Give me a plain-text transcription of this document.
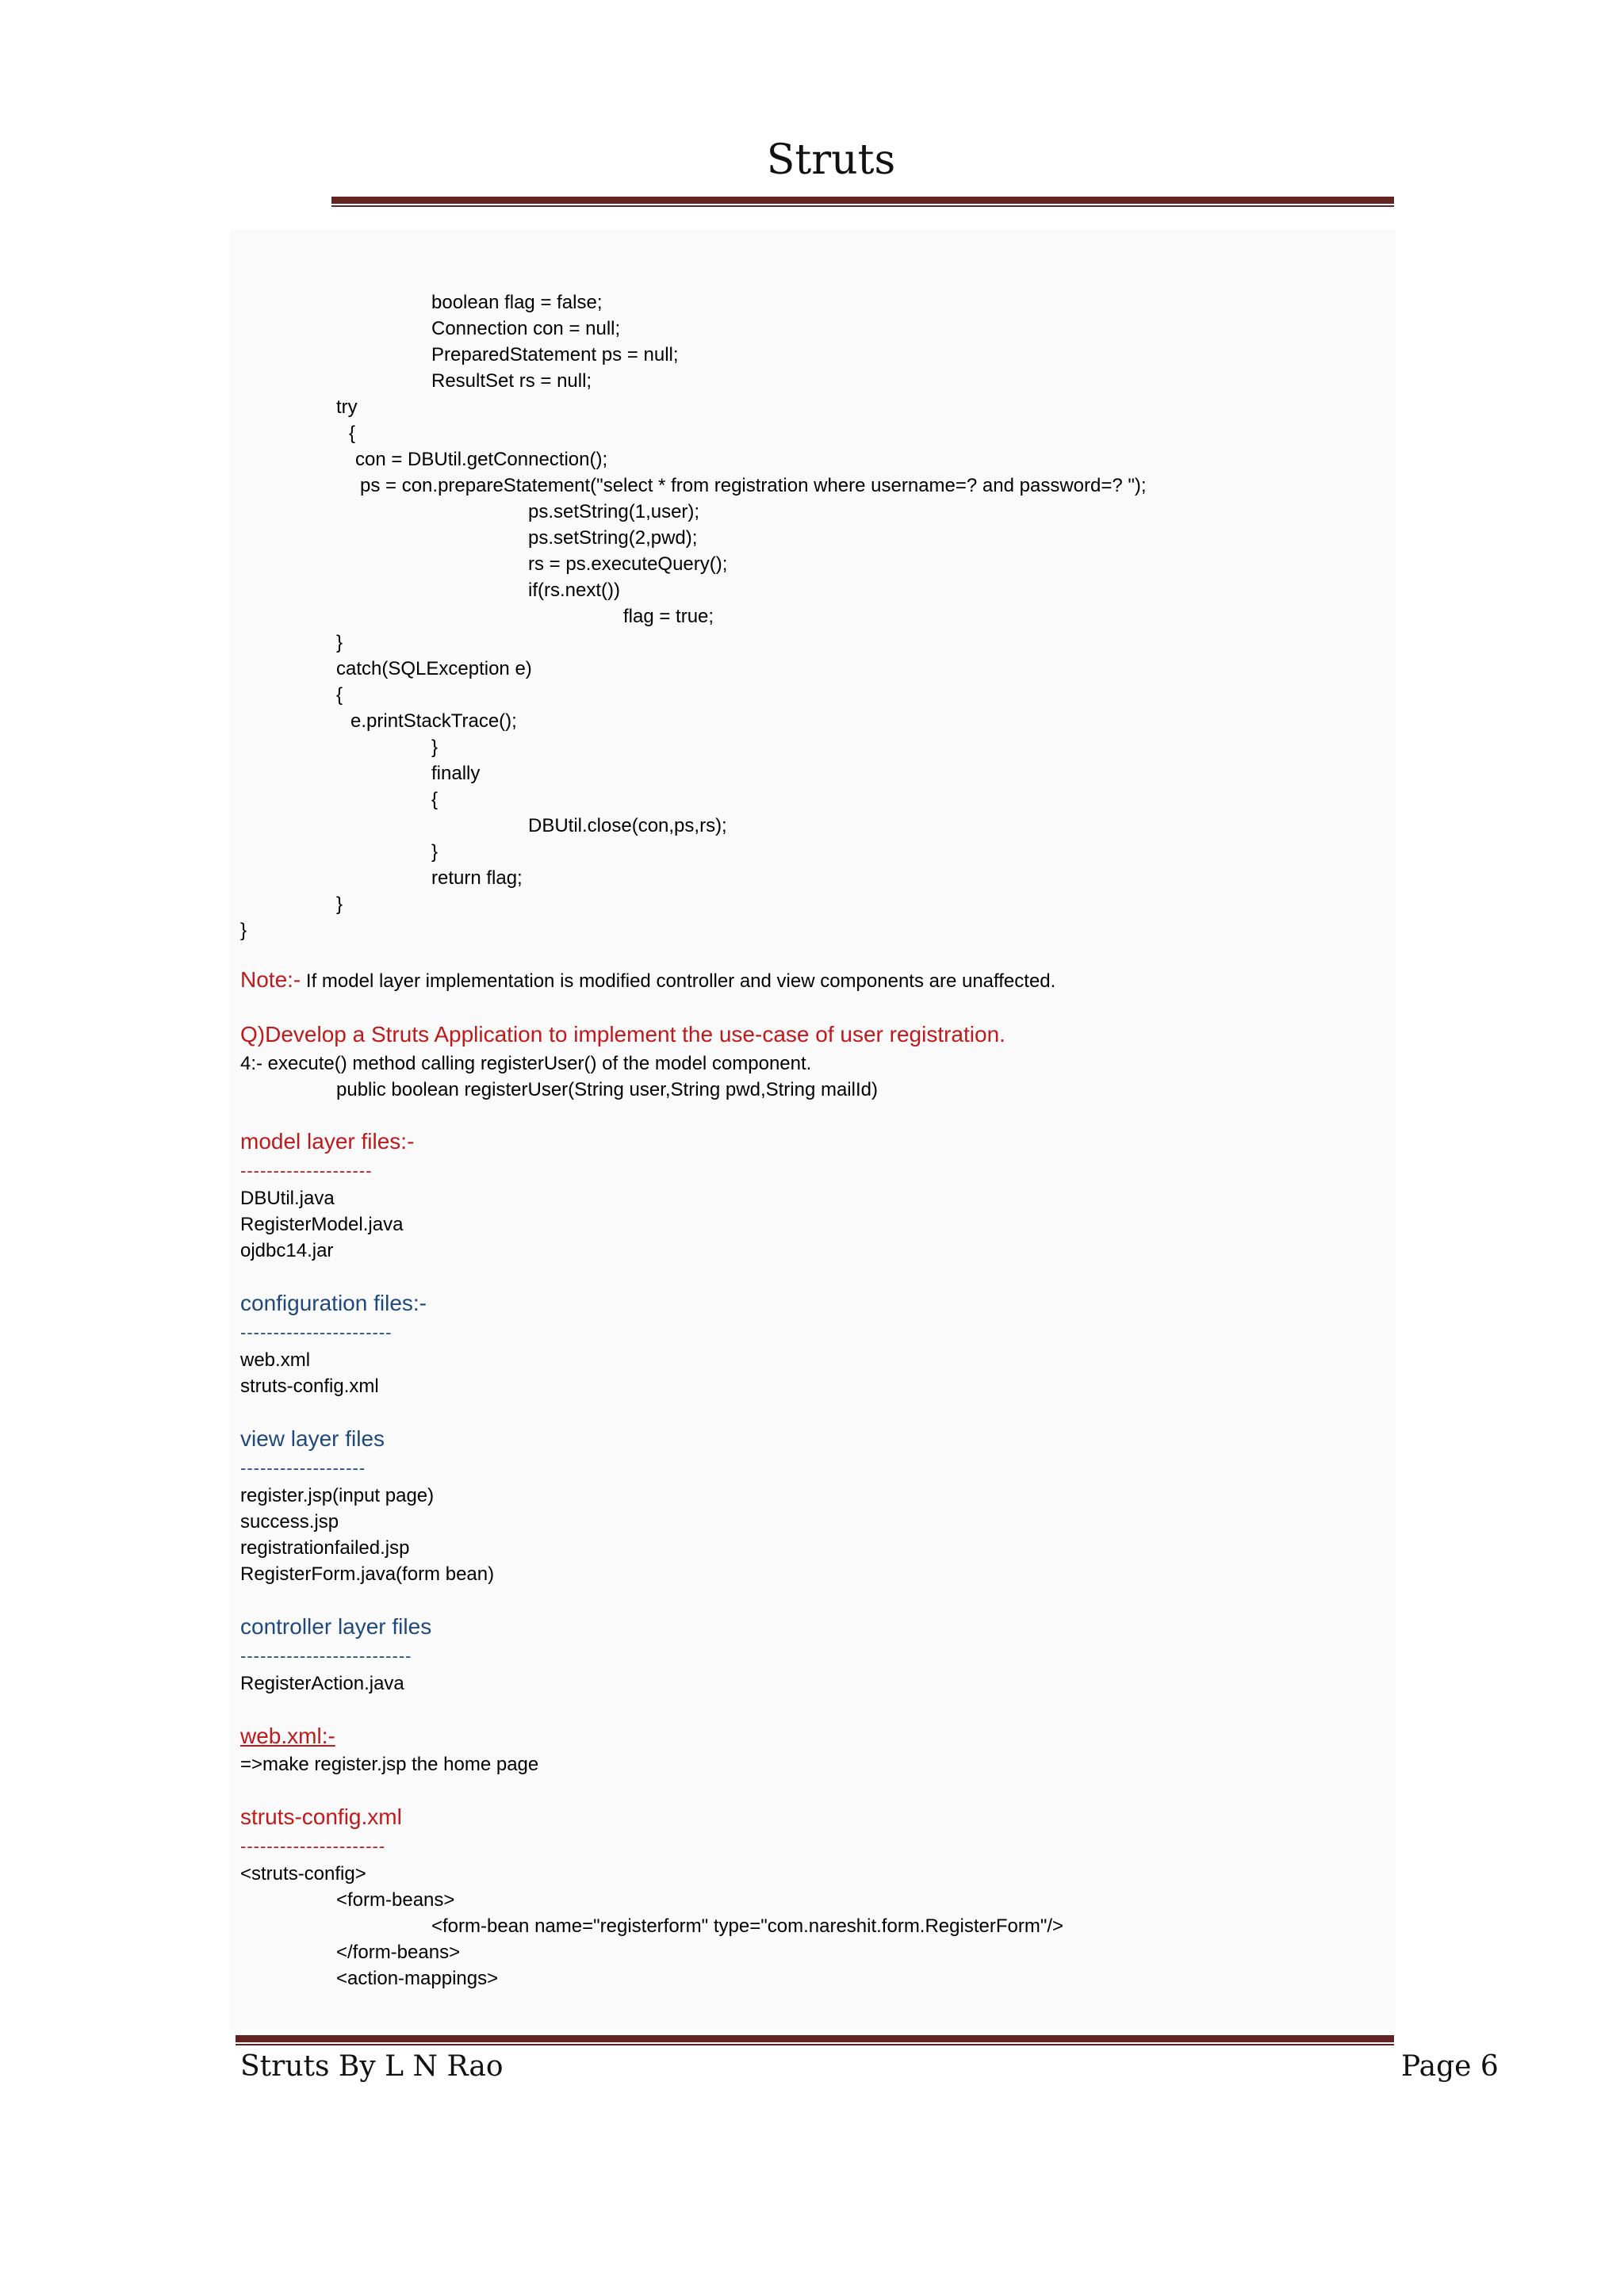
Struts
boolean flag = false;
Connection con = null;
PreparedStatement ps = null;
ResultSet rs = null;
try
{
con = DBUtil.getConnection();
ps = con.prepareStatement("select * from registration where username=? and password=? ");
ps.setString(1,user);
ps.setString(2,pwd);
rs = ps.executeQuery();
if(rs.next())
flag = true;
}
catch(SQLException e)
{
e.printStackTrace();
}
finally
{
DBUtil.close(con,ps,rs);
}
return flag;
}
}
Note:- If model layer implementation is modified controller and view components are unaffected.
Q)Develop a Struts Application to implement the use-case of user registration.
4:- execute() method calling registerUser() of the model component.
public boolean registerUser(String user,String pwd,String mailId)
model layer files:-
--------------------
DBUtil.java
RegisterModel.java
ojdbc14.jar
configuration files:-
-----------------------
web.xml
struts-config.xml
view layer files
-------------------
register.jsp(input page)
success.jsp
registrationfailed.jsp
RegisterForm.java(form bean)
controller layer files
--------------------------
RegisterAction.java
web.xml:-
=>make register.jsp the home page
struts-config.xml
----------------------
<struts-config>
<form-beans>
<form-bean name="registerform" type="com.nareshit.form.RegisterForm"/>
</form-beans>
<action-mappings>
Struts By L N Rao	Page 6
